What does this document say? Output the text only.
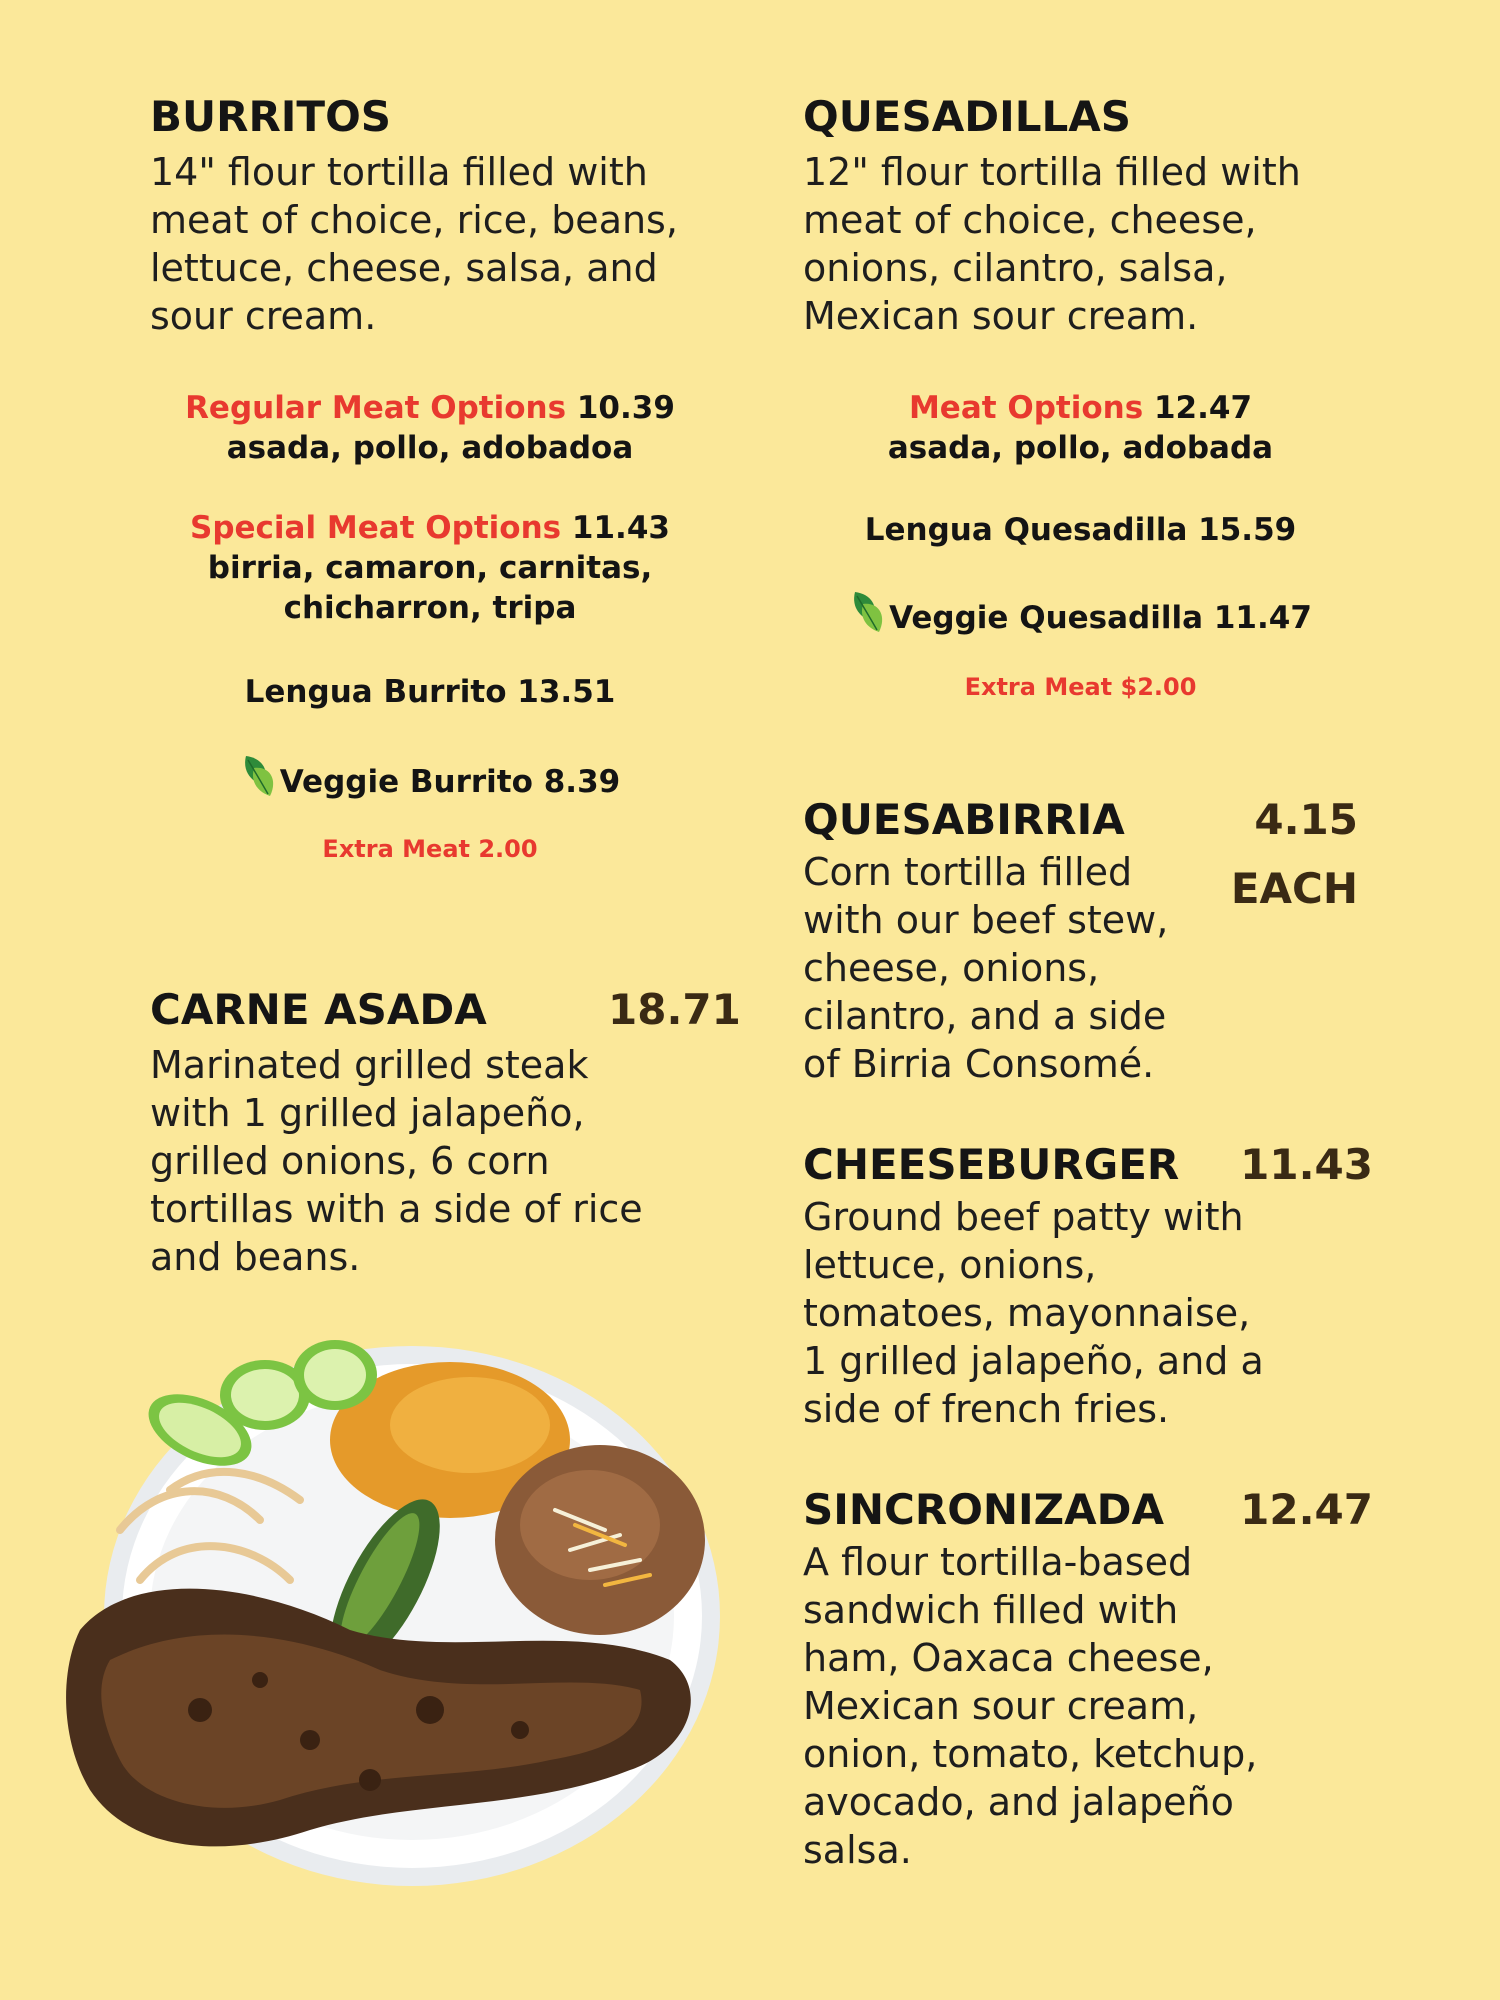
BURRITOS

14" flour tortilla filled with meat of choice, rice, beans, lettuce, cheese, salsa, and sour cream.

Regular Meat Options 10.39
asada, pollo, adobadoa

Special Meat Options 11.43
birria, camaron, carnitas,
chicharron, tripa

Lengua Burrito 13.51

Veggie Burrito 8.39

Extra Meat 2.00

QUESADILLAS

12" flour tortilla filled with meat of choice, cheese, onions, cilantro, salsa, Mexican sour cream.

Meat Options 12.47
asada, pollo, adobada

Lengua Quesadilla 15.59

Veggie Quesadilla 11.47

Extra Meat $2.00

QUESABIRRIA	4.15
EACH

Corn tortilla filled with our beef stew, cheese, onions, cilantro, and a side of Birria Consomé.

CARNE ASADA	18.71

Marinated grilled steak with 1 grilled jalapeño, grilled onions, 6 corn tortillas with a side of rice and beans.

CHEESEBURGER 11.43

Ground beef patty with lettuce, onions, tomatoes, mayonnaise, 1 grilled jalapeño, and a side of french fries.

SINCRONIZADA 12.47

A flour tortilla-based sandwich filled with ham, Oaxaca cheese, Mexican sour cream, onion, tomato, ketchup, avocado, and jalapeño salsa.
